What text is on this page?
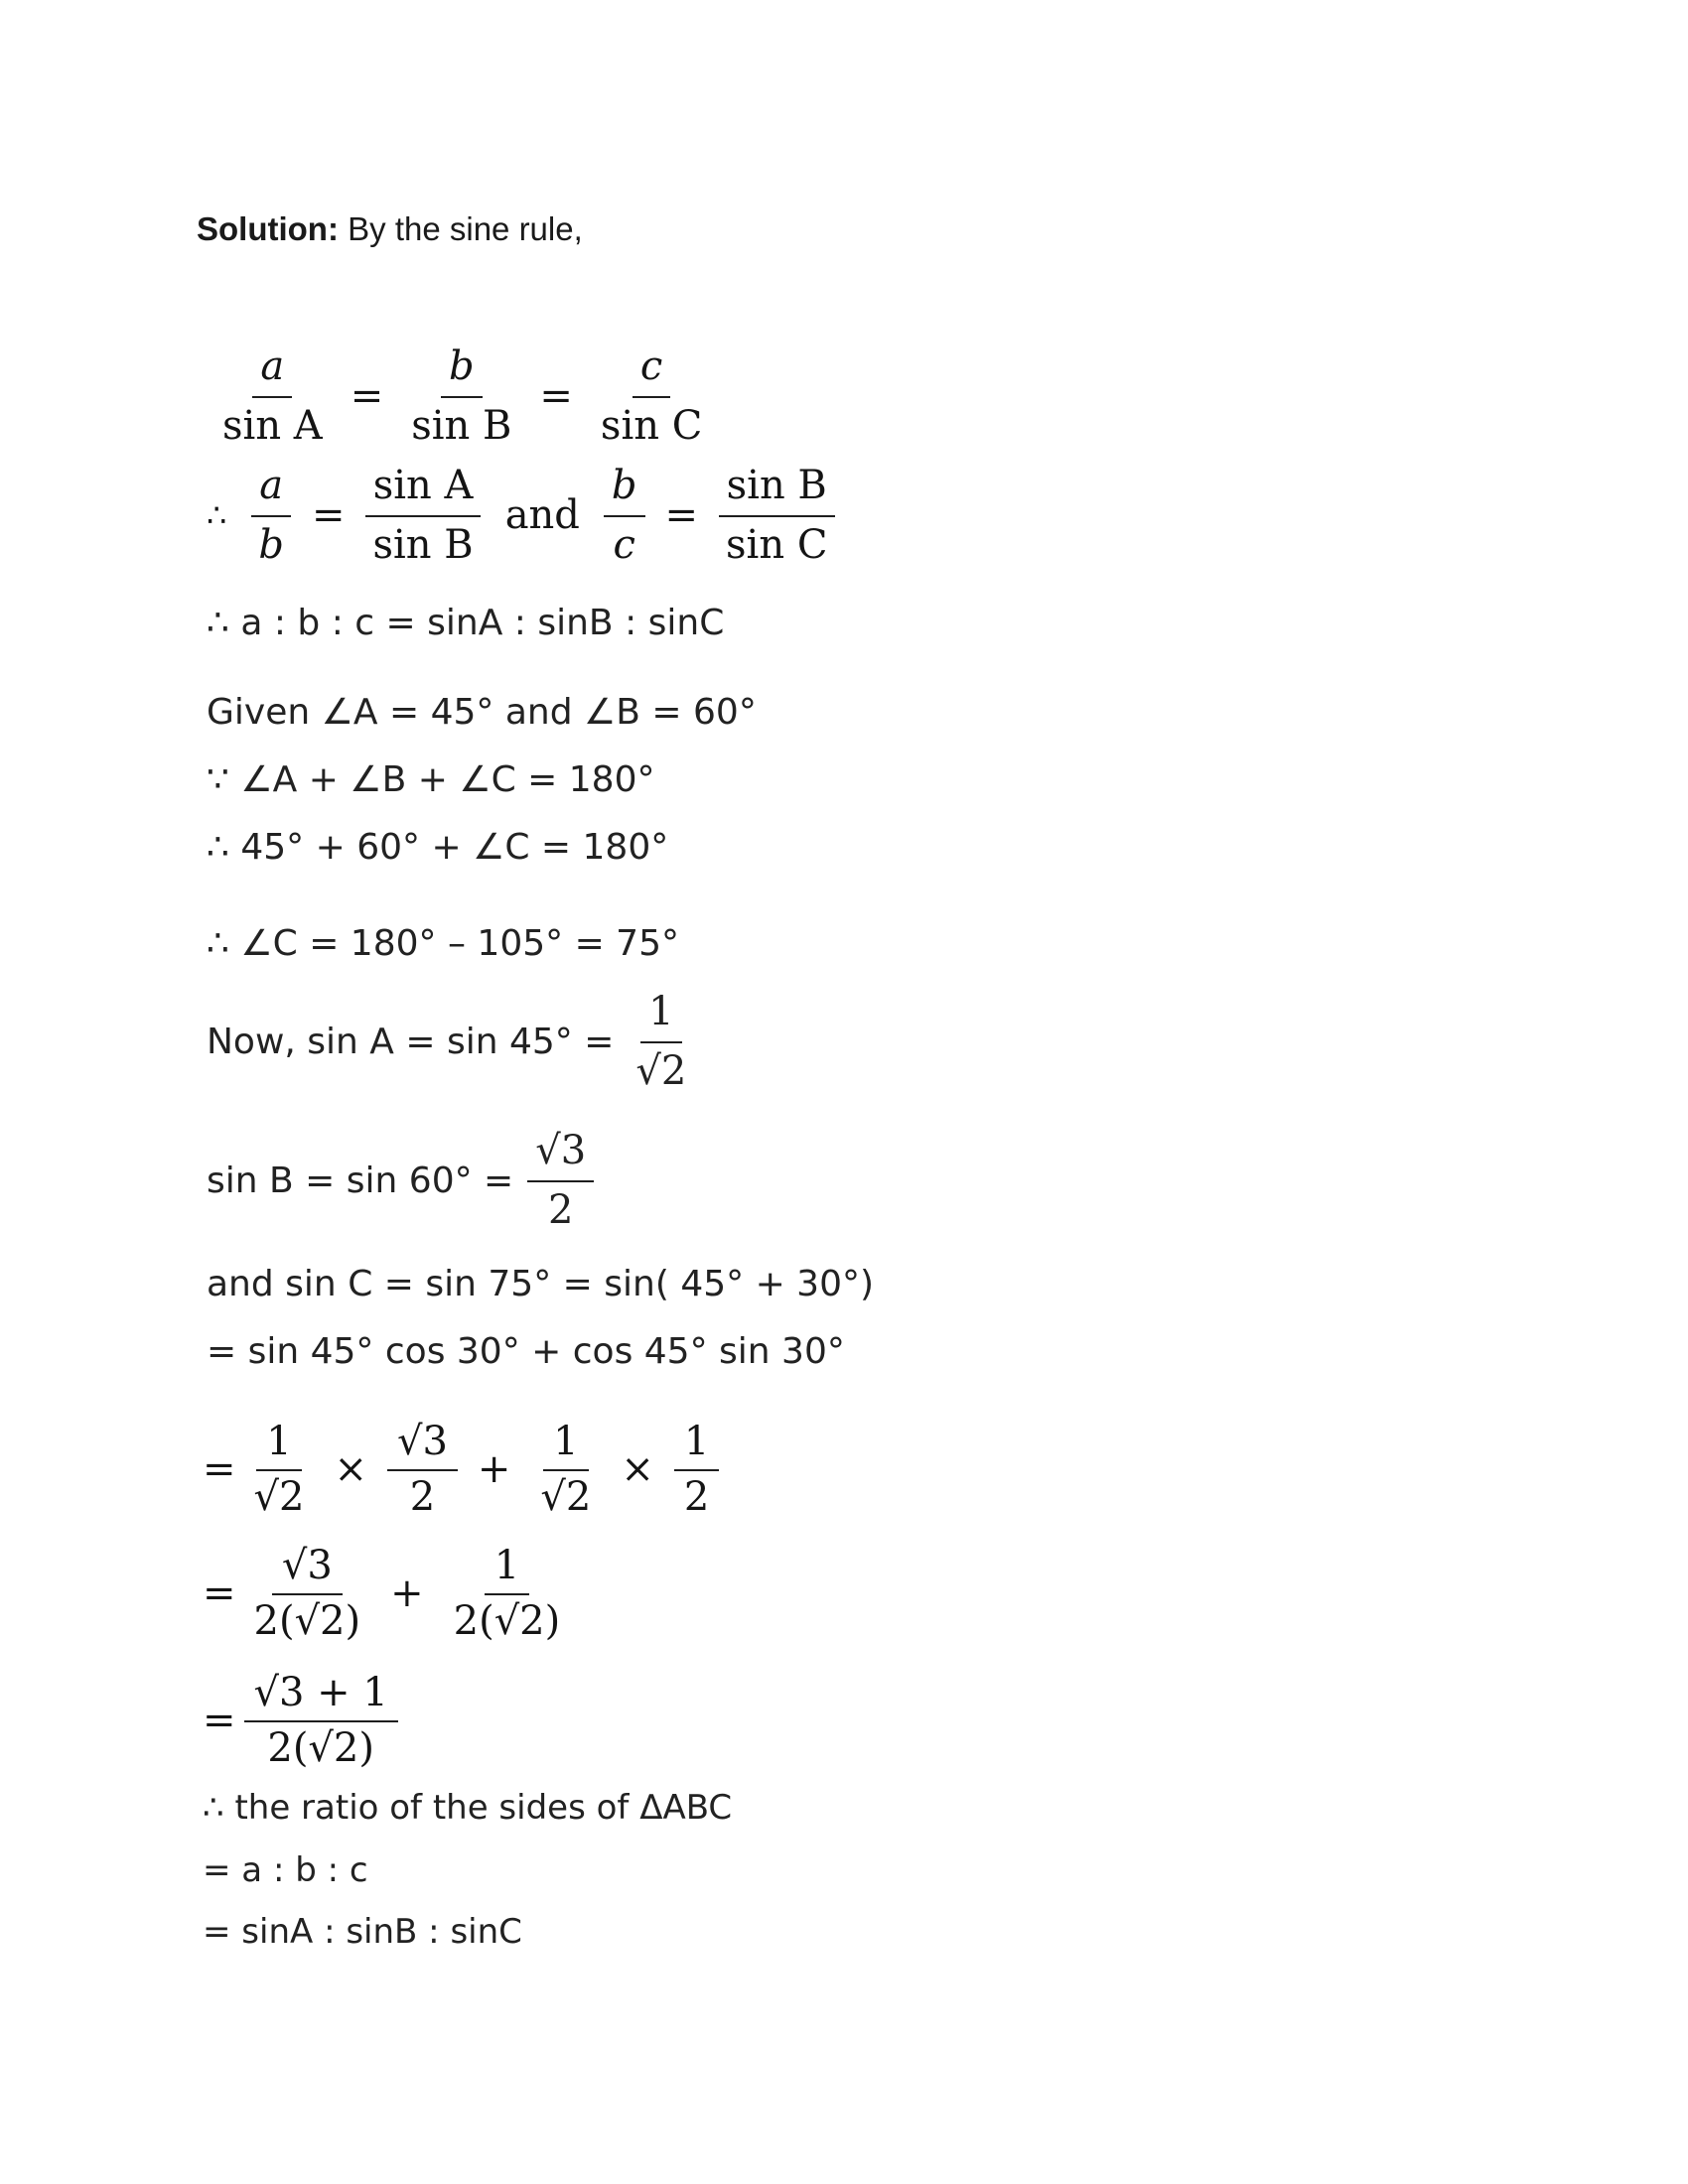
Solution: By the sine rule,
$\frac{a}{\text{sin A}} = \frac{b}{\text{sin B}} = \frac{c}{\text{sin C}}$
∴ $\frac{a}{b} = \frac{\text{sin A}}{\text{sin B}}$ and $\frac{b}{c} = \frac{\text{sin B}}{\text{sin C}}$
∴ a : b : c = sinA : sinB : sinC
Given ∠A = 45° and ∠B = 60°
∵ ∠A + ∠B + ∠C = 180°
∴ 45° + 60° + ∠C = 180°
∴ ∠C = 180° – 105° = 75°
Now, $\sin A = \sin 45^\circ = \frac{1}{√2}$
$\sin B = \sin 60^\circ = \frac{√3}{2}$
and sin C = sin 75° = sin( 45° + 30°)
= sin 45° cos 30° + cos 45° sin 30°
= $\frac{1}{√2} \times \frac{√3}{2} + \frac{1}{√2} \times \frac{1}{2}$
= $\frac{√3}{2(√2)} + \frac{1}{2(√2)}$
= $\frac{√3 + 1}{2(√2)}$
∴ the ratio of the sides of ΔABC
= a : b : c
= sinA : sinB : sinC
